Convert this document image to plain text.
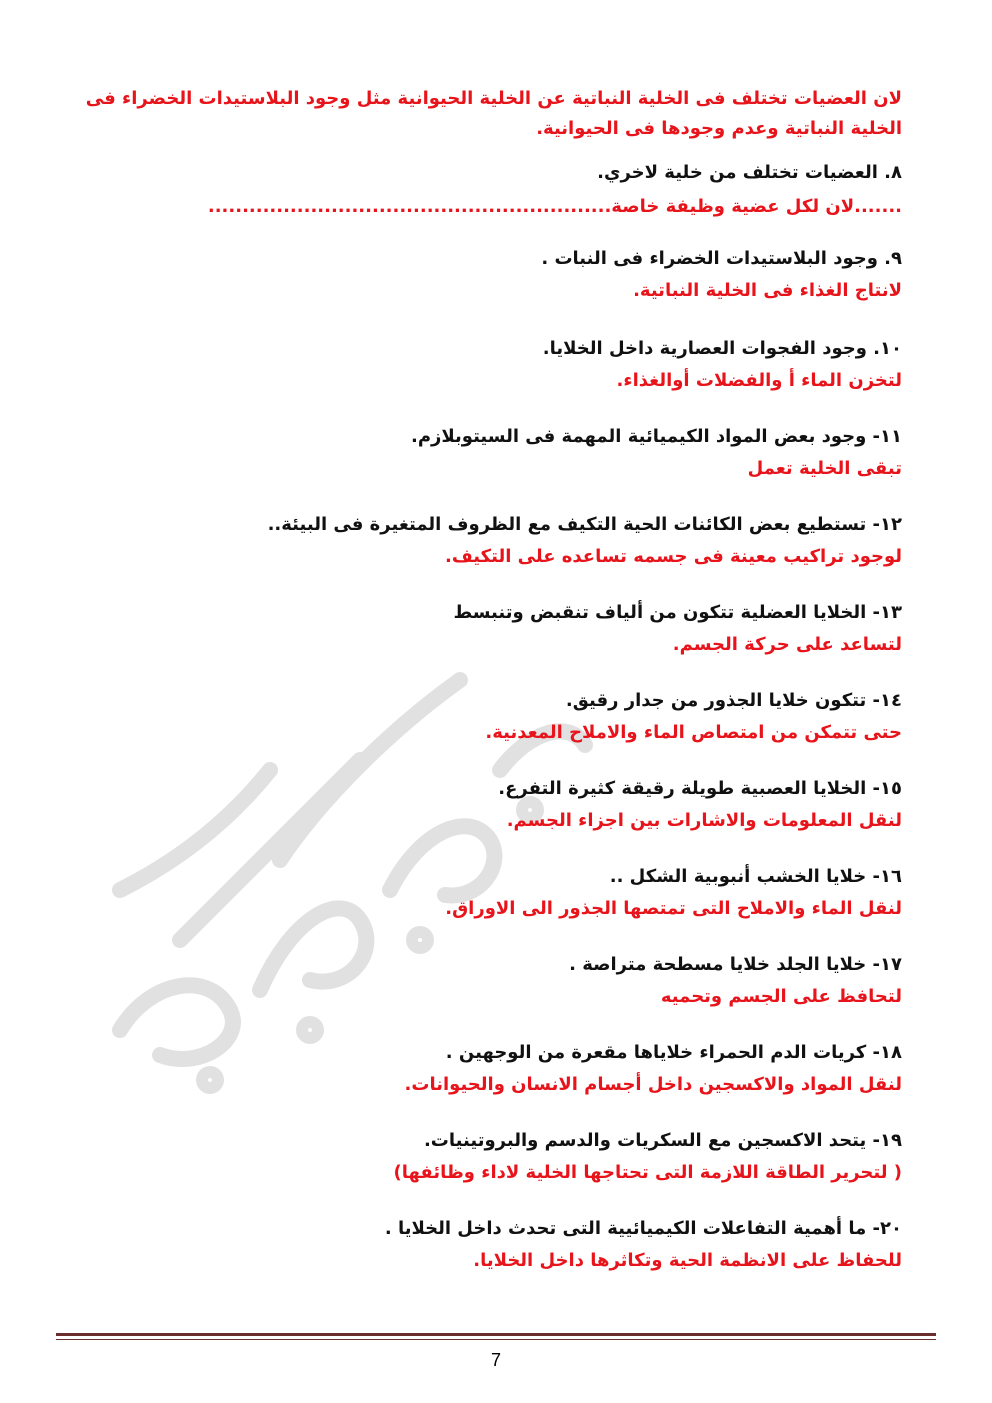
لان العضيات تختلف فى الخلية النباتية عن الخلية الحيوانية مثل وجود البلاستيدات الخضراء فى الخلية النباتية وعدم وجودها فى الحيوانية.
٨. العضيات تختلف من خلية لاخري.
.......لان لكل عضية وظيفة خاصة...........................................................
٩. وجود البلاستيدات الخضراء فى النبات .
لانتاج الغذاء فى الخلية النباتية.
١٠. وجود الفجوات العصارية داخل الخلايا.
لتخزن الماء أ والفضلات أوالغذاء.
١١- وجود بعض المواد الكيميائية المهمة فى السيتوبلازم.
تبقى الخلية تعمل
١٢- تستطيع بعض الكائنات الحية التكيف مع الظروف المتغيرة فى البيئة..
لوجود تراكيب معينة فى جسمه تساعده على التكيف.
١٣- الخلايا العضلية تتكون من ألياف تنقبض وتنبسط
لتساعد على حركة الجسم.
١٤- تتكون خلايا الجذور من جدار رقيق.
حتى تتمكن من امتصاص الماء والاملاح المعدنية.
١٥- الخلايا العصبية طويلة رقيقة كثيرة التفرع.
لنقل المعلومات والاشارات بين اجزاء الجسم.
١٦- خلايا الخشب أنبوبية الشكل ..
لنقل الماء والاملاح التى تمتصها الجذور الى الاوراق.
١٧- خلايا الجلد خلايا مسطحة متراصة .
لتحافظ على الجسم وتحميه
١٨- كريات الدم الحمراء خلاياها مقعرة من الوجهين .
لنقل المواد والاكسجين داخل أجسام الانسان والحيوانات.
١٩- يتحد الاكسجين مع السكريات والدسم والبروتينيات.
( لتحرير الطاقة اللازمة التى تحتاجها الخلية لاداء وظائفها)
٢٠- ما أهمية التفاعلات الكيميائيية التى تحدث داخل الخلايا .
للحفاظ على الانظمة الحية وتكاثرها داخل الخلايا.
7
